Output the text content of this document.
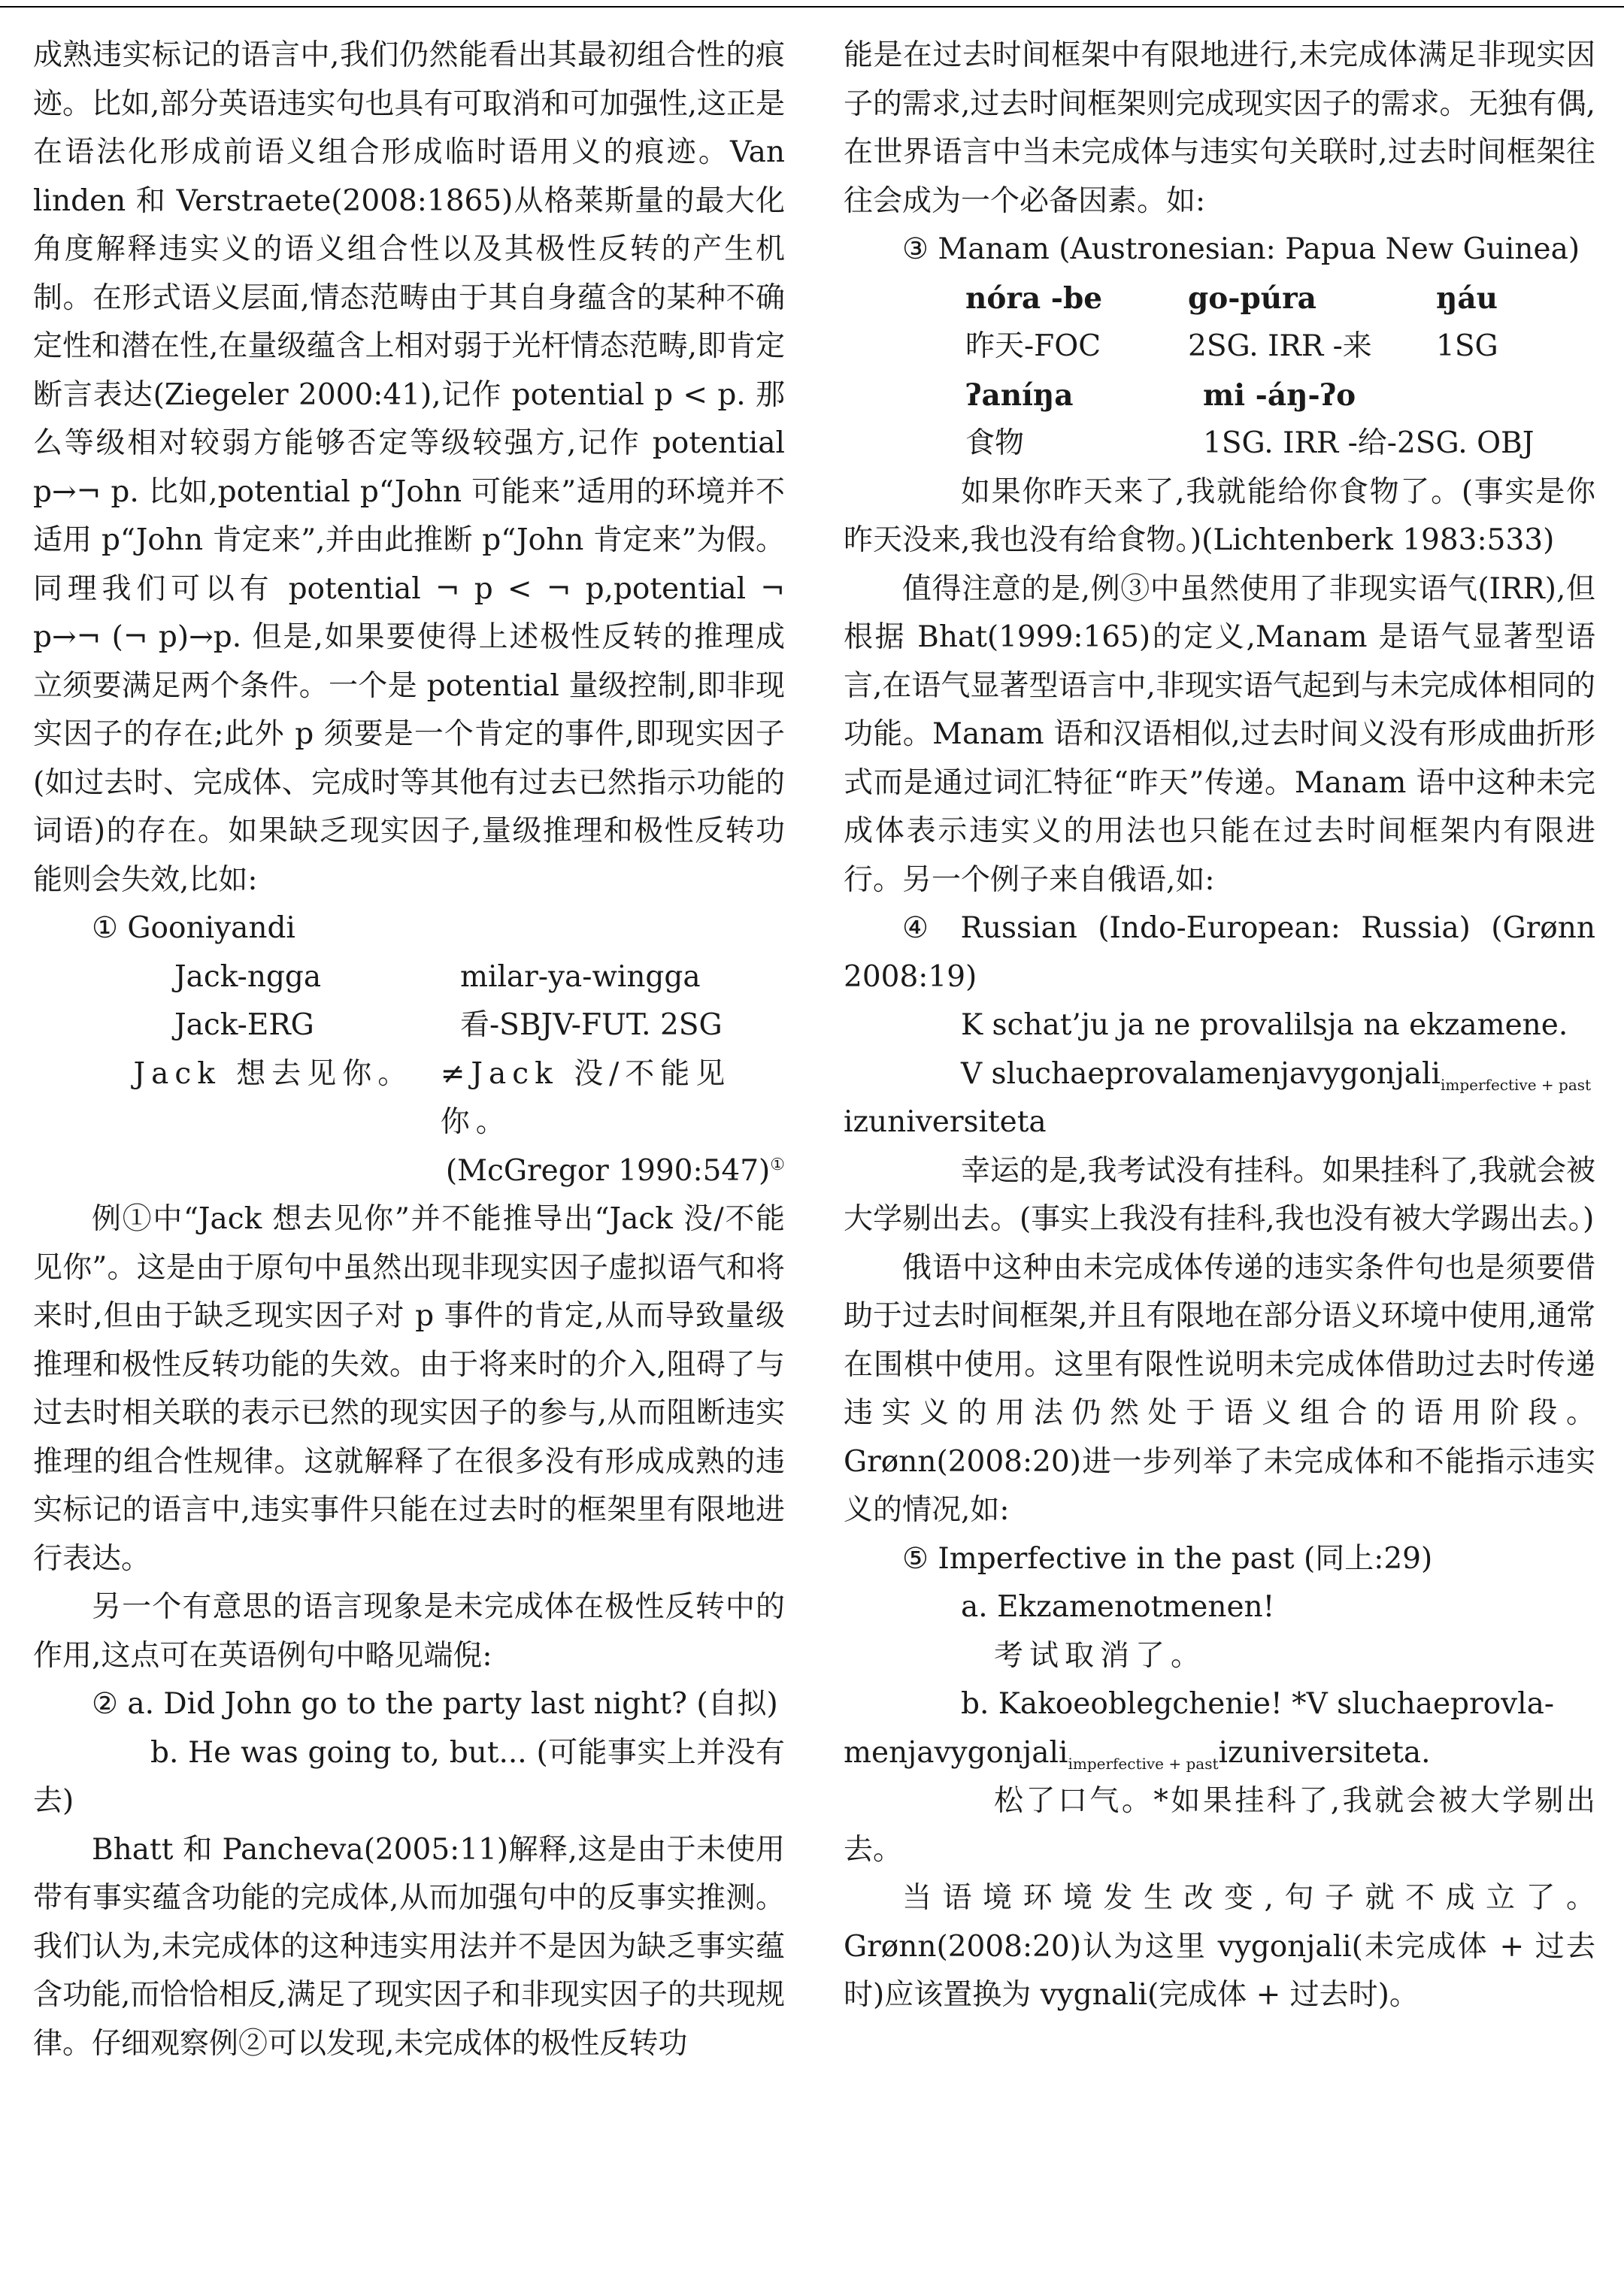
成熟违实标记的语言中,我们仍然能看出其最初组合性的痕迹。比如,部分英语违实句也具有可取消和可加强性,这正是在语法化形成前语义组合形成临时语用义的痕迹。Van linden 和 Verstraete(2008:1865)从格莱斯量的最大化角度解释违实义的语义组合性以及其极性反转的产生机制。在形式语义层面,情态范畴由于其自身蕴含的某种不确定性和潜在性,在量级蕴含上相对弱于光杆情态范畴,即肯定断言表达(Ziegeler 2000:41),记作 potential p < p. 那么等级相对较弱方能够否定等级较强方,记作 potential p→¬ p. 比如,potential p“John 可能来”适用的环境并不适用 p“John 肯定来”,并由此推断 p“John 肯定来”为假。同理我们可以有 potential ¬ p < ¬ p,potential ¬ p→¬ (¬ p)→p. 但是,如果要使得上述极性反转的推理成立须要满足两个条件。一个是 potential 量级控制,即非现实因子的存在;此外 p 须要是一个肯定的事件,即现实因子(如过去时、完成体、完成时等其他有过去已然指示功能的词语)的存在。如果缺乏现实因子,量级推理和极性反转功能则会失效,比如:

① Gooniyandi
Jack-ngga	milar-ya-wingga
Jack-ERG	看-SBJV-FUT. 2SG
Jack 想去见你。 ≠Jack 没/不能见你。
(McGregor 1990:547)①

例①中“Jack 想去见你”并不能推导出“Jack 没/不能见你”。这是由于原句中虽然出现非现实因子虚拟语气和将来时,但由于缺乏现实因子对 p 事件的肯定,从而导致量级推理和极性反转功能的失效。由于将来时的介入,阻碍了与过去时相关联的表示已然的现实因子的参与,从而阻断违实推理的组合性规律。这就解释了在很多没有形成成熟的违实标记的语言中,违实事件只能在过去时的框架里有限地进行表达。

另一个有意思的语言现象是未完成体在极性反转中的作用,这点可在英语例句中略见端倪:

② a. Did John go to the party last night? (自拟)

b. He was going to, but... (可能事实上并没有去)

Bhatt 和 Pancheva(2005:11)解释,这是由于未使用带有事实蕴含功能的完成体,从而加强句中的反事实推测。我们认为,未完成体的这种违实用法并不是因为缺乏事实蕴含功能,而恰恰相反,满足了现实因子和非现实因子的共现规律。仔细观察例②可以发现,未完成体的极性反转功

能是在过去时间框架中有限地进行,未完成体满足非现实因子的需求,过去时间框架则完成现实因子的需求。无独有偶,在世界语言中当未完成体与违实句关联时,过去时间框架往往会成为一个必备因素。如:

③ Manam (Austronesian: Papua New Guinea)
nóra -be	go-púra	ŋáu
昨天-FOC	2SG. IRR -来	1SG
ʔaníŋa	mi -áŋ-ʔo
食物	1SG. IRR -给-2SG. OBJ

如果你昨天来了,我就能给你食物了。(事实是你昨天没来,我也没有给食物。)(Lichtenberk 1983:533)

值得注意的是,例③中虽然使用了非现实语气(IRR),但根据 Bhat(1999:165)的定义,Manam 是语气显著型语言,在语气显著型语言中,非现实语气起到与未完成体相同的功能。Manam 语和汉语相似,过去时间义没有形成曲折形式而是通过词汇特征“昨天”传递。Manam 语中这种未完成体表示违实义的用法也只能在过去时间框架内有限进行。另一个例子来自俄语,如:

④ Russian (Indo-European: Russia) (Grønn 2008:19)

K schat’ju ja ne provalilsja na ekzamene.
V sluchaeprovalamenjavygonjali$_{imperfective + past}$
izuniversiteta

幸运的是,我考试没有挂科。如果挂科了,我就会被大学剔出去。(事实上我没有挂科,我也没有被大学踢出去。)

俄语中这种由未完成体传递的违实条件句也是须要借助于过去时间框架,并且有限地在部分语义环境中使用,通常在围棋中使用。这里有限性说明未完成体借助过去时传递违实义的用法仍然处于语义组合的语用阶段。Grønn(2008:20)进一步列举了未完成体和不能指示违实义的情况,如:

⑤ Imperfective in the past (同上:29)
a. Ekzamenotmenen!
考试取消了。
b. Kakoeoblegchenie! *V sluchaeprovla-
menjavygonjali$_{imperfective + past}$izuniversiteta.

松了口气。*如果挂科了,我就会被大学剔出去。

当语境环境发生改变,句子就不成立了。Grønn(2008:20)认为这里 vygonjali(未完成体 + 过去时)应该置换为 vygnali(完成体 + 过去时)。
